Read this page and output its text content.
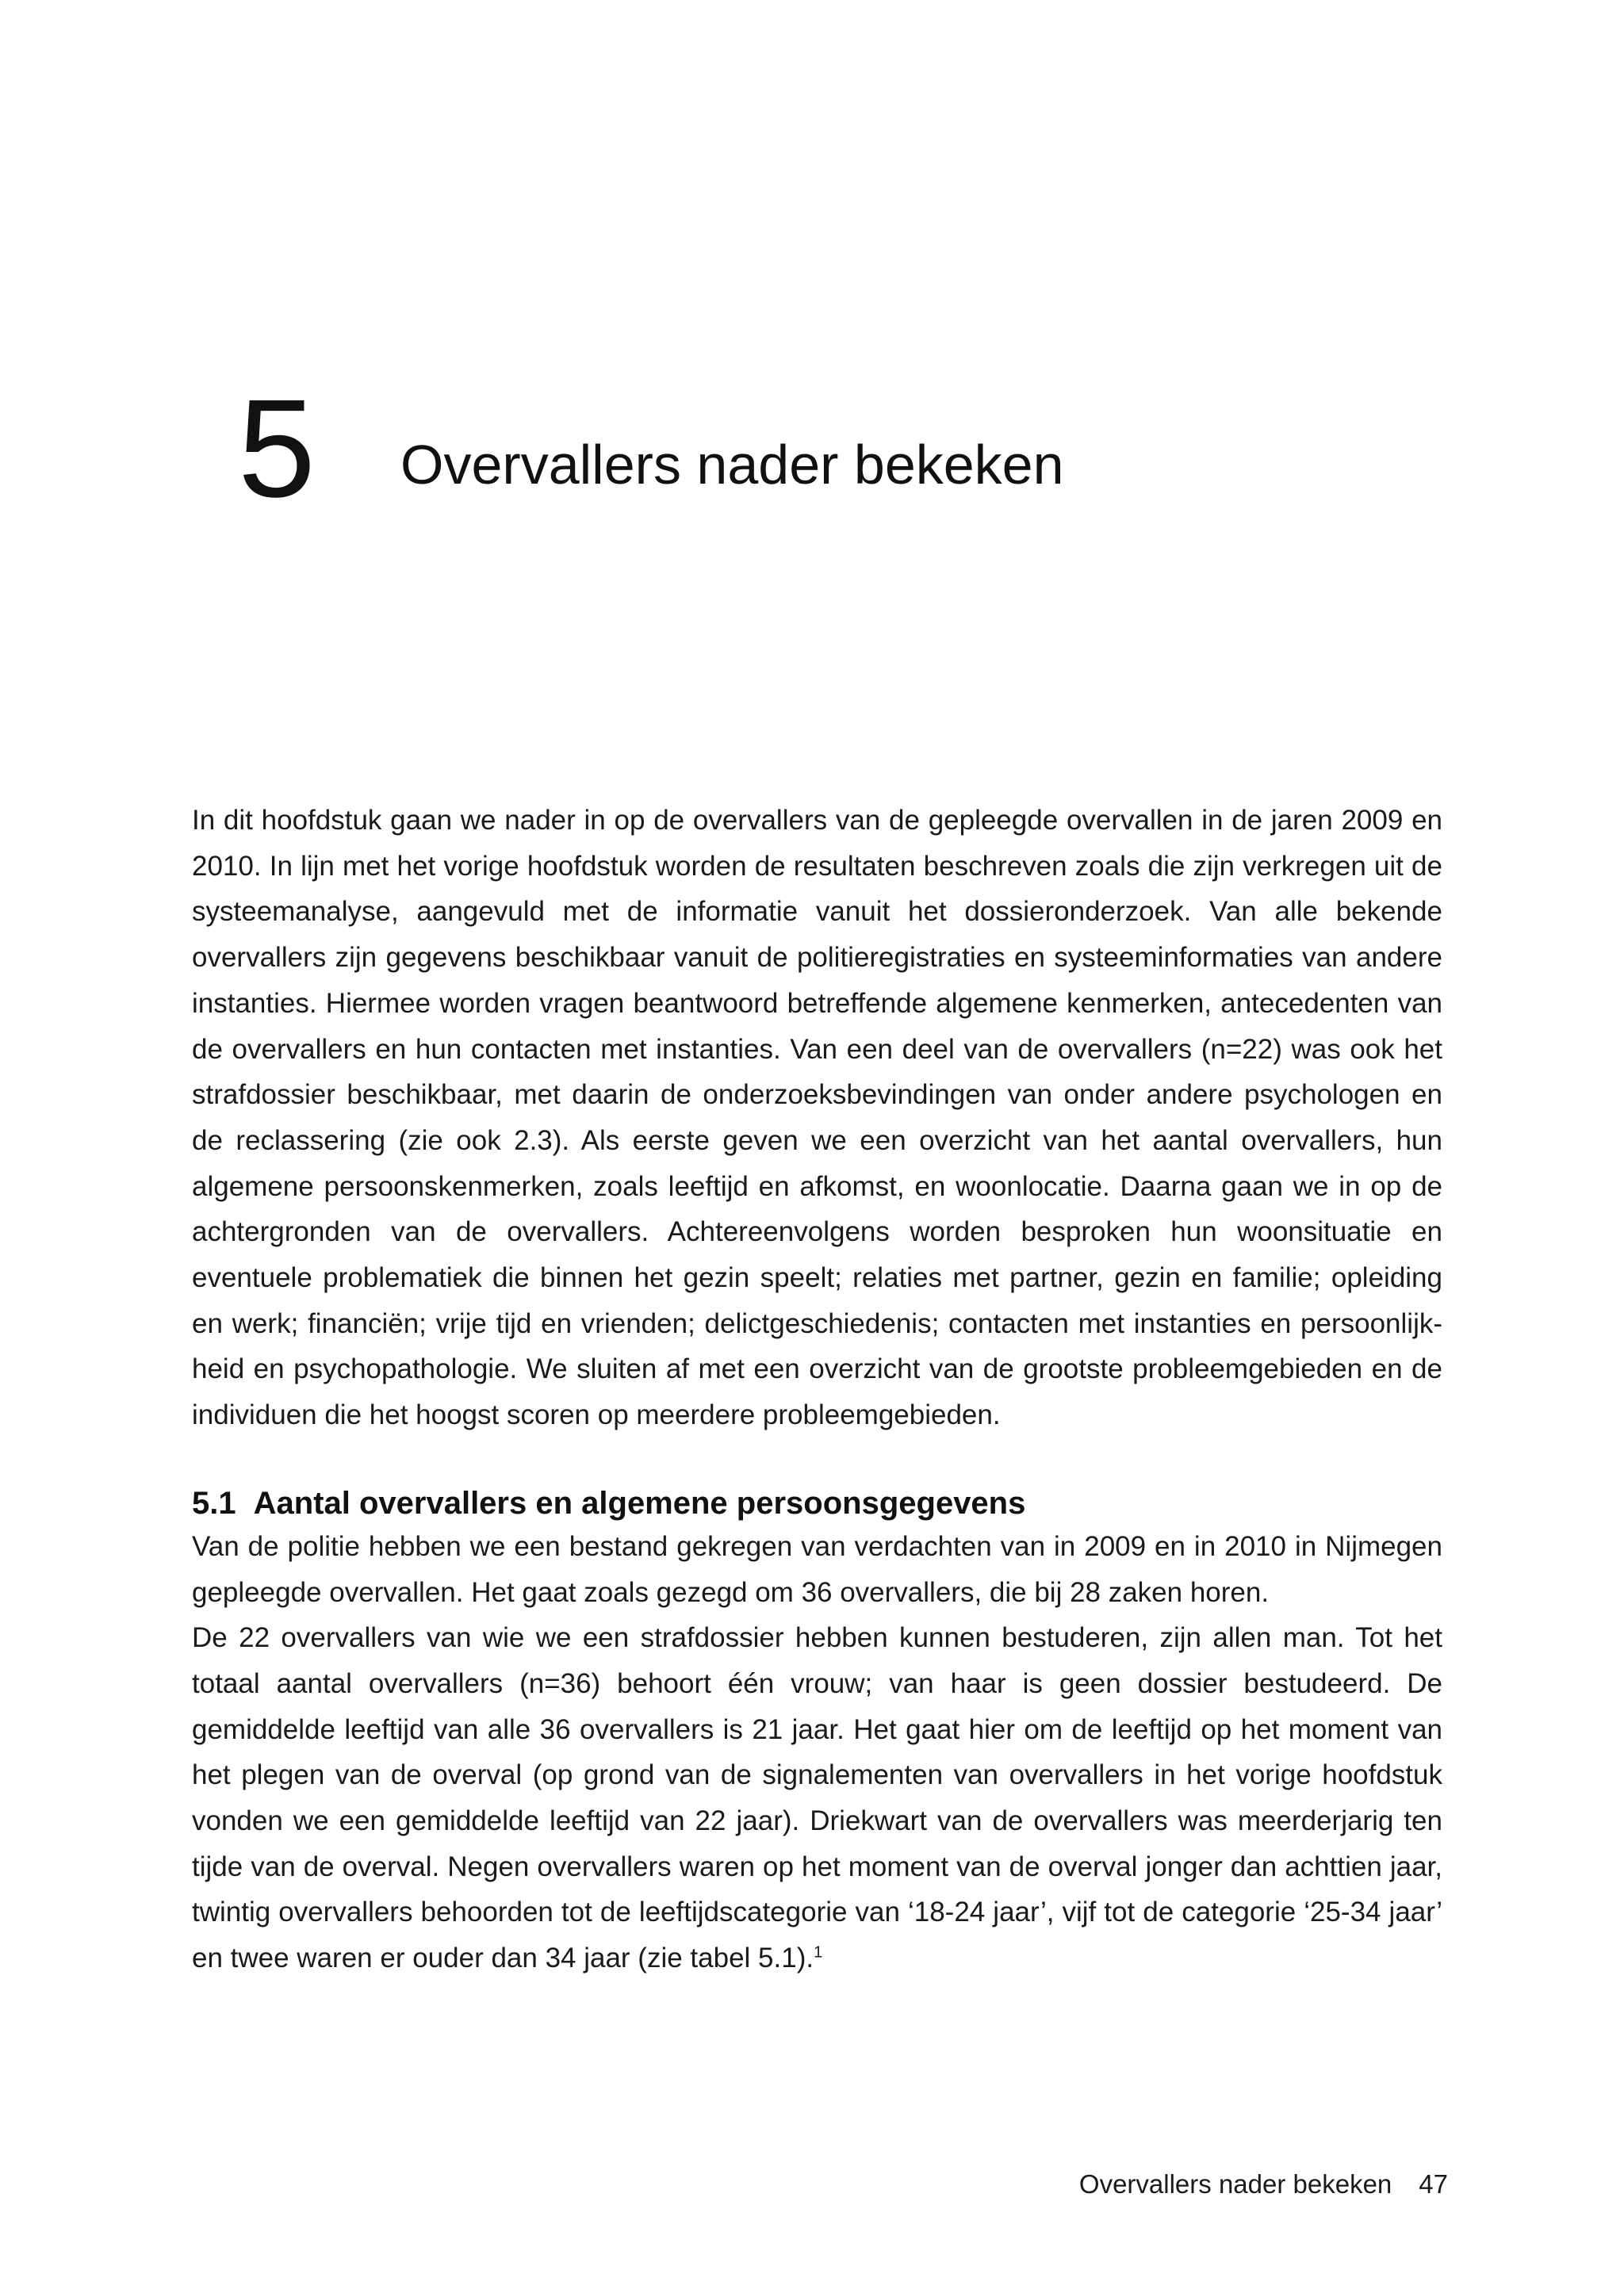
5 Overvallers nader bekeken

In dit hoofdstuk gaan we nader in op de overvallers van de gepleegde overvallen in de jaren 2009 en 2010. In lijn met het vorige hoofdstuk worden de resultaten beschreven zoals die zijn verkregen uit de systeemanalyse, aangevuld met de informatie vanuit het dossieronderzoek. Van alle bekende overvallers zijn gegevens beschikbaar vanuit de politieregistraties en systeeminformaties van andere instanties. Hiermee worden vragen beantwoord betreffende algemene kenmerken, antecedenten van de overvallers en hun contacten met instanties. Van een deel van de overvallers (n=22) was ook het strafdossier beschikbaar, met daarin de onderzoeksbevindingen van onder andere psychologen en de reclassering (zie ook 2.3). Als eerste geven we een overzicht van het aantal overvallers, hun algemene persoonskenmerken, zoals leeftijd en afkomst, en woonlocatie. Daarna gaan we in op de achtergronden van de overvallers. Achtereenvolgens worden besproken hun woonsituatie en eventuele problematiek die binnen het gezin speelt; relaties met partner, gezin en familie; opleiding en werk; financiën; vrije tijd en vrienden; delictgeschiedenis; contacten met instanties en persoonlijkheid en psychopathologie. We sluiten af met een overzicht van de grootste probleemgebieden en de individuen die het hoogst scoren op meerdere probleemgebieden.

5.1 Aantal overvallers en algemene persoonsgegevens

Van de politie hebben we een bestand gekregen van verdachten van in 2009 en in 2010 in Nijmegen gepleegde overvallen. Het gaat zoals gezegd om 36 overvallers, die bij 28 zaken horen.

De 22 overvallers van wie we een strafdossier hebben kunnen bestuderen, zijn allen man. Tot het totaal aantal overvallers (n=36) behoort één vrouw; van haar is geen dossier bestudeerd. De gemiddelde leeftijd van alle 36 overvallers is 21 jaar. Het gaat hier om de leeftijd op het moment van het plegen van de overval (op grond van de signalementen van overvallers in het vorige hoofdstuk vonden we een gemiddelde leeftijd van 22 jaar). Driekwart van de overvallers was meerderjarig ten tijde van de overval. Negen overvallers waren op het moment van de overval jonger dan achttien jaar, twintig overvallers behoorden tot de leeftijdscategorie van ‘18-24 jaar’, vijf tot de categorie ‘25-34 jaar’ en twee waren er ouder dan 34 jaar (zie tabel 5.1).$^1$

Overvallers nader bekeken 47
